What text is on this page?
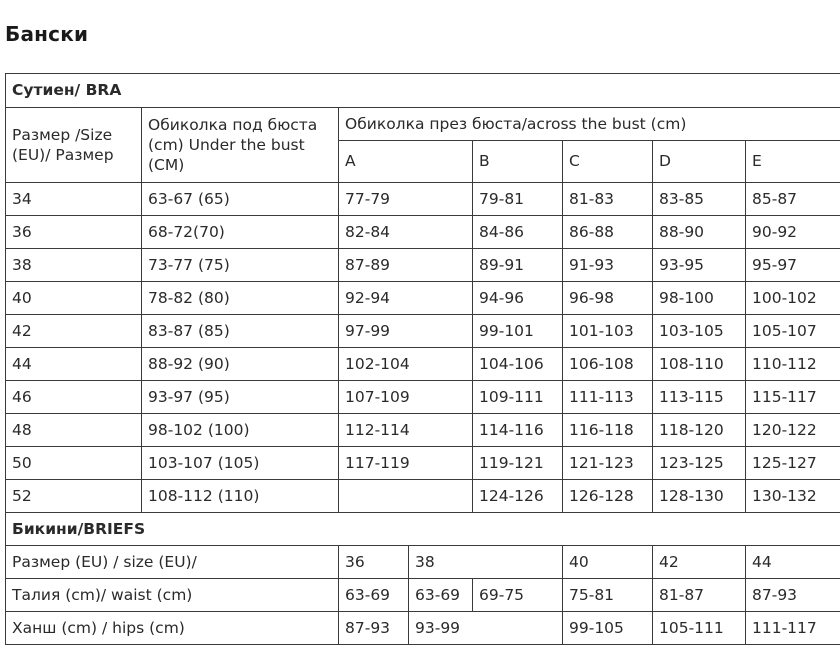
Бански
Сутиен/ BRA								
Размер /Size (EU)/ Размер	Обиколка под бюста (cm) Under the bust (CM)	Обиколка през бюста/across the bust (cm)						
		A		B	C	D	E	
34	63-67 (65)	77-79		79-81	81-83	83-85	85-87	
36	68-72(70)	82-84		84-86	86-88	88-90	90-92	
38	73-77 (75)	87-89		89-91	91-93	93-95	95-97	
40	78-82 (80)	92-94		94-96	96-98	98-100	100-102	
42	83-87 (85)	97-99		99-101	101-103	103-105	105-107	
44	88-92 (90)	102-104		104-106	106-108	108-110	110-112	
46	93-97 (95)	107-109		109-111	111-113	113-115	115-117	
48	98-102 (100)	112-114		114-116	116-118	118-120	120-122	
50	103-107 (105)	117-119		119-121	121-123	123-125	125-127	
52	108-112 (110)			124-126	126-128	128-130	130-132	
Бикини/BRIEFS								
Размер (EU) / size (EU)/		36	38		40	42	44	
Талия (cm)/ waist (cm)		63-69	63-69	69-75	75-81	81-87	87-93	
Ханш (cm) / hips (cm)		87-93	93-99		99-105	105-111	111-117	
